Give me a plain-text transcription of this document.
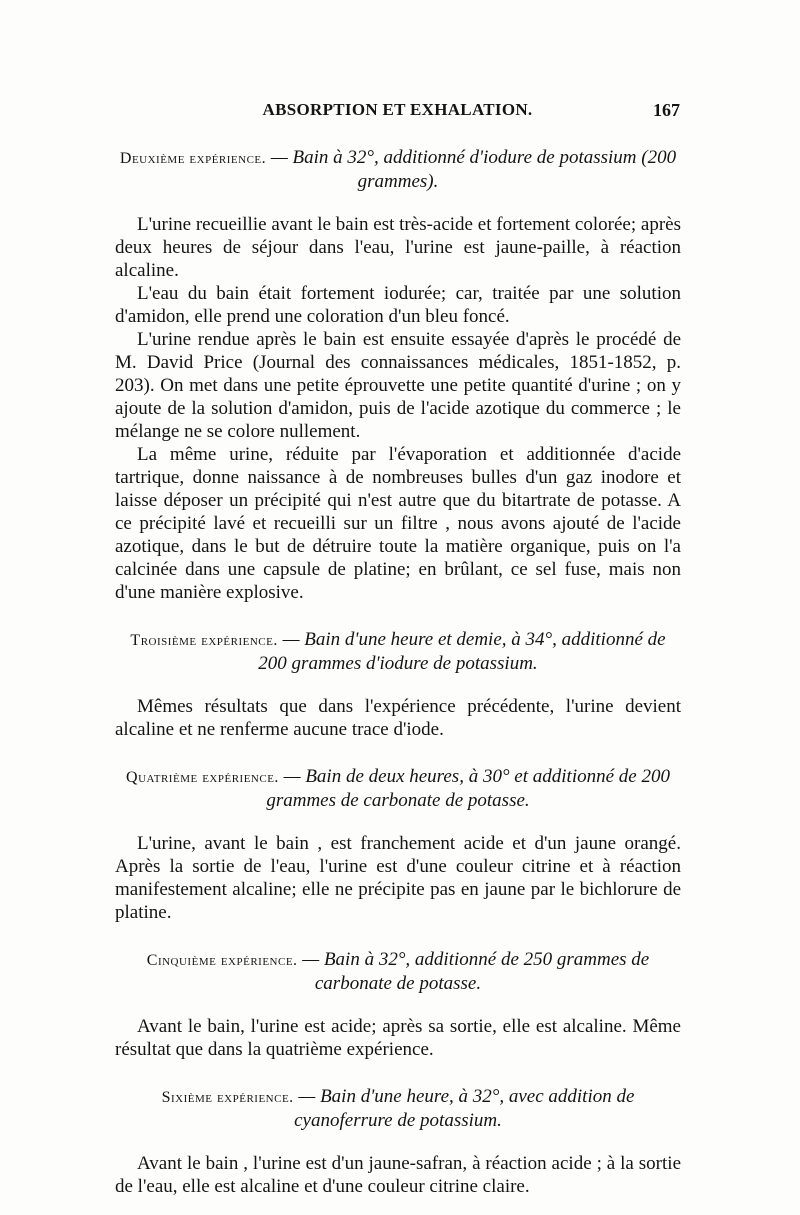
ABSORPTION ET EXHALATION.	167

Deuxième expérience. — Bain à 32°, additionné d'iodure de potassium (200 grammes).

L'urine recueillie avant le bain est très-acide et fortement colorée; après deux heures de séjour dans l'eau, l'urine est jaune-paille, à réaction alcaline.

L'eau du bain était fortement iodurée; car, traitée par une solution d'amidon, elle prend une coloration d'un bleu foncé.

L'urine rendue après le bain est ensuite essayée d'après le procédé de M. David Price (Journal des connaissances médicales, 1851-1852, p. 203). On met dans une petite éprouvette une petite quantité d'urine ; on y ajoute de la solution d'amidon, puis de l'acide azotique du commerce ; le mélange ne se colore nullement.

La même urine, réduite par l'évaporation et additionnée d'acide tartrique, donne naissance à de nombreuses bulles d'un gaz inodore et laisse déposer un précipité qui n'est autre que du bitartrate de potasse. A ce précipité lavé et recueilli sur un filtre , nous avons ajouté de l'acide azotique, dans le but de détruire toute la matière organique, puis on l'a calcinée dans une capsule de platine; en brûlant, ce sel fuse, mais non d'une manière explosive.

Troisième expérience. — Bain d'une heure et demie, à 34°, additionné de 200 grammes d'iodure de potassium.

Mêmes résultats que dans l'expérience précédente, l'urine devient alcaline et ne renferme aucune trace d'iode.

Quatrième expérience. — Bain de deux heures, à 30° et additionné de 200 grammes de carbonate de potasse.

L'urine, avant le bain , est franchement acide et d'un jaune orangé. Après la sortie de l'eau, l'urine est d'une couleur citrine et à réaction manifestement alcaline; elle ne précipite pas en jaune par le bichlorure de platine.

Cinquième expérience. — Bain à 32°, additionné de 250 grammes de carbonate de potasse.

Avant le bain, l'urine est acide; après sa sortie, elle est alcaline. Même résultat que dans la quatrième expérience.

Sixième expérience. — Bain d'une heure, à 32°, avec addition de cyanoferrure de potassium.

Avant le bain , l'urine est d'un jaune-safran, à réaction acide ; à la sortie de l'eau, elle est alcaline et d'une couleur citrine claire.
